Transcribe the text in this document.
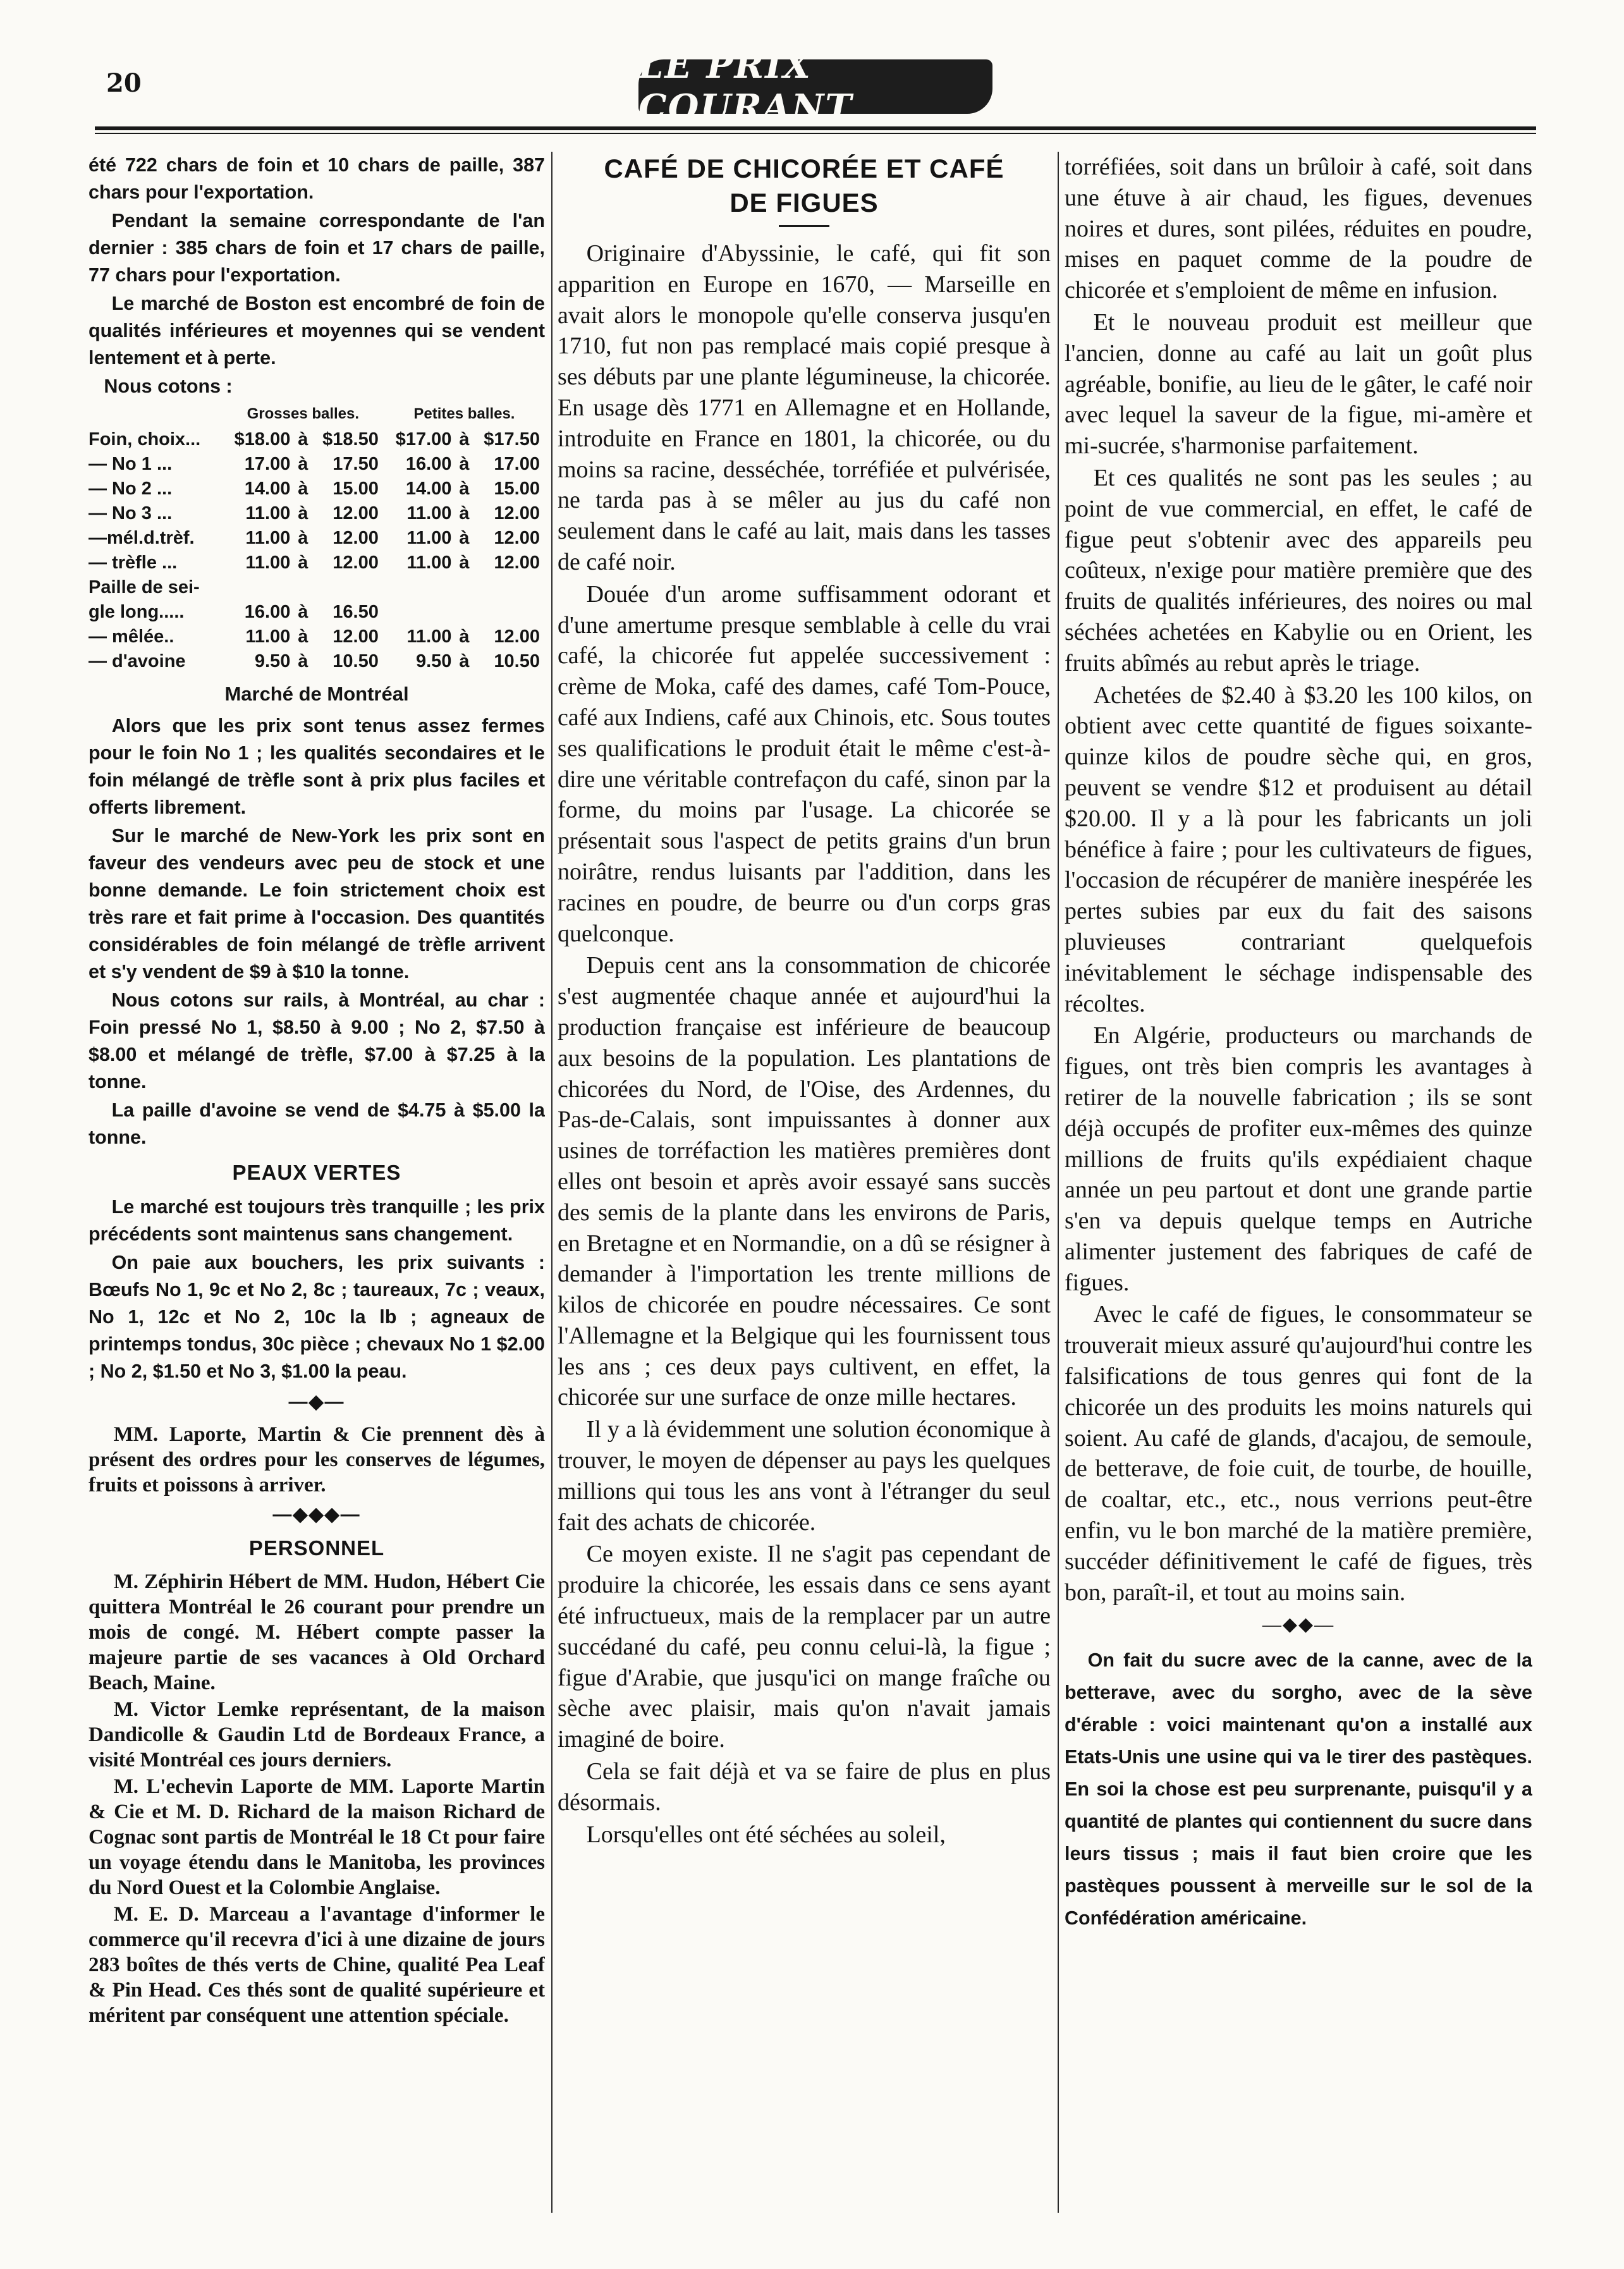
20	LE PRIX COURANT

été 722 chars de foin et 10 chars de paille, 387 chars pour l'exportation.

Pendant la semaine correspondante de l'an dernier : 385 chars de foin et 17 chars de paille, 77 chars pour l'exportation.

Le marché de Boston est encombré de foin de qualités inférieures et moyennes qui se vendent lentement et à perte.

Nous cotons :

	Grosses balles.			Petites balles.		
Foin, choix...	$18.00	à	$18.50	$17.00	à	$17.50
— No 1 ...	17.00	à	17.50	16.00	à	17.00
— No 2 ...	14.00	à	15.00	14.00	à	15.00
— No 3 ...	11.00	à	12.00	11.00	à	12.00
—mél.d.trèf.	11.00	à	12.00	11.00	à	12.00
— trèfle ...	11.00	à	12.00	11.00	à	12.00
Paille de sei-						
gle long.....	16.00	à	16.50			
— mêlée..	11.00	à	12.00	11.00	à	12.00
— d'avoine	9.50	à	10.50	9.50	à	10.50
Marché de Montréal

Alors que les prix sont tenus assez fermes pour le foin No 1 ; les qualités secondaires et le foin mélangé de trèfle sont à prix plus faciles et offerts librement.

Sur le marché de New-York les prix sont en faveur des vendeurs avec peu de stock et une bonne demande. Le foin strictement choix est très rare et fait prime à l'occasion. Des quantités considérables de foin mélangé de trèfle arrivent et s'y vendent de $9 à $10 la tonne.

Nous cotons sur rails, à Montréal, au char : Foin pressé No 1, $8.50 à 9.00 ; No 2, $7.50 à $8.00 et mélangé de trèfle, $7.00 à $7.25 à la tonne.

La paille d'avoine se vend de $4.75 à $5.00 la tonne.

PEAUX VERTES

Le marché est toujours très tranquille ; les prix précédents sont maintenus sans changement.

On paie aux bouchers, les prix suivants : Bœufs No 1, 9c et No 2, 8c ; taureaux, 7c ; veaux, No 1, 12c et No 2, 10c la lb ; agneaux de printemps tondus, 30c pièce ; chevaux No 1 $2.00 ; No 2, $1.50 et No 3, $1.00 la peau.

—◆—

MM. Laporte, Martin & Cie prennent dès à présent des ordres pour les conserves de légumes, fruits et poissons à arriver.

—◆◆◆—
PERSONNEL

M. Zéphirin Hébert de MM. Hudon, Hébert Cie quittera Montréal le 26 courant pour prendre un mois de congé. M. Hébert compte passer la majeure partie de ses vacances à Old Orchard Beach, Maine.

M. Victor Lemke représentant, de la maison Dandicolle & Gaudin Ltd de Bordeaux France, a visité Montréal ces jours derniers.

M. L'echevin Laporte de MM. Laporte Martin & Cie et M. D. Richard de la maison Richard de Cognac sont partis de Montréal le 18 Ct pour faire un voyage étendu dans le Manitoba, les provinces du Nord Ouest et la Colombie Anglaise.

M. E. D. Marceau a l'avantage d'informer le commerce qu'il recevra d'ici à une dizaine de jours 283 boîtes de thés verts de Chine, qualité Pea Leaf & Pin Head. Ces thés sont de qualité supérieure et méritent par conséquent une attention spéciale.

CAFÉ DE CHICORÉE ET CAFÉ
DE FIGUES

Originaire d'Abyssinie, le café, qui fit son apparition en Europe en 1670, — Marseille en avait alors le monopole qu'elle conserva jusqu'en 1710, fut non pas remplacé mais copié presque à ses débuts par une plante légumineuse, la chicorée. En usage dès 1771 en Allemagne et en Hollande, introduite en France en 1801, la chicorée, ou du moins sa racine, desséchée, torréfiée et pulvérisée, ne tarda pas à se mêler au jus du café non seulement dans le café au lait, mais dans les tasses de café noir.

Douée d'un arome suffisamment odorant et d'une amertume presque semblable à celle du vrai café, la chicorée fut appelée successivement : crème de Moka, café des dames, café Tom-Pouce, café aux Indiens, café aux Chinois, etc. Sous toutes ses qualifications le produit était le même c'est-à-dire une véritable contrefaçon du café, sinon par la forme, du moins par l'usage. La chicorée se présentait sous l'aspect de petits grains d'un brun noirâtre, rendus luisants par l'addition, dans les racines en poudre, de beurre ou d'un corps gras quelconque.

Depuis cent ans la consommation de chicorée s'est augmentée chaque année et aujourd'hui la production française est inférieure de beaucoup aux besoins de la population. Les plantations de chicorées du Nord, de l'Oise, des Ardennes, du Pas-de-Calais, sont impuissantes à donner aux usines de torréfaction les matières premières dont elles ont besoin et après avoir essayé sans succès des semis de la plante dans les environs de Paris, en Bretagne et en Normandie, on a dû se résigner à demander à l'importation les trente millions de kilos de chicorée en poudre nécessaires. Ce sont l'Allemagne et la Belgique qui les fournissent tous les ans ; ces deux pays cultivent, en effet, la chicorée sur une surface de onze mille hectares.

Il y a là évidemment une solution économique à trouver, le moyen de dépenser au pays les quelques millions qui tous les ans vont à l'étranger du seul fait des achats de chicorée.

Ce moyen existe. Il ne s'agit pas cependant de produire la chicorée, les essais dans ce sens ayant été infructueux, mais de la remplacer par un autre succédané du café, peu connu celui-là, la figue ; figue d'Arabie, que jusqu'ici on mange fraîche ou sèche avec plaisir, mais qu'on n'avait jamais imaginé de boire.

Cela se fait déjà et va se faire de plus en plus désormais.

Lorsqu'elles ont été séchées au soleil,

torréfiées, soit dans un brûloir à café, soit dans une étuve à air chaud, les figues, devenues noires et dures, sont pilées, réduites en poudre, mises en paquet comme de la poudre de chicorée et s'emploient de même en infusion.

Et le nouveau produit est meilleur que l'ancien, donne au café au lait un goût plus agréable, bonifie, au lieu de le gâter, le café noir avec lequel la saveur de la figue, mi-amère et mi-sucrée, s'harmonise parfaitement.

Et ces qualités ne sont pas les seules ; au point de vue commercial, en effet, le café de figue peut s'obtenir avec des appareils peu coûteux, n'exige pour matière première que des fruits de qualités inférieures, des noires ou mal séchées achetées en Kabylie ou en Orient, les fruits abîmés au rebut après le triage.

Achetées de $2.40 à $3.20 les 100 kilos, on obtient avec cette quantité de figues soixante-quinze kilos de poudre sèche qui, en gros, peuvent se vendre $12 et produisent au détail $20.00. Il y a là pour les fabricants un joli bénéfice à faire ; pour les cultivateurs de figues, l'occasion de récupérer de manière inespérée les pertes subies par eux du fait des saisons pluvieuses contrariant quelquefois inévitablement le séchage indispensable des récoltes.

En Algérie, producteurs ou marchands de figues, ont très bien compris les avantages à retirer de la nouvelle fabrication ; ils se sont déjà occupés de profiter eux-mêmes des quinze millions de fruits qu'ils expédiaient chaque année un peu partout et dont une grande partie s'en va depuis quelque temps en Autriche alimenter justement des fabriques de café de figues.

Avec le café de figues, le consommateur se trouverait mieux assuré qu'aujourd'hui contre les falsifications de tous genres qui font de la chicorée un des produits les moins naturels qui soient. Au café de glands, d'acajou, de semoule, de betterave, de foie cuit, de tourbe, de houille, de coaltar, etc., etc., nous verrions peut-être enfin, vu le bon marché de la matière première, succéder définitivement le café de figues, très bon, paraît-il, et tout au moins sain.

—◆◆—

On fait du sucre avec de la canne, avec de la betterave, avec du sorgho, avec de la sève d'érable : voici maintenant qu'on a installé aux Etats-Unis une usine qui va le tirer des pastèques. En soi la chose est peu surprenante, puisqu'il y a quantité de plantes qui contiennent du sucre dans leurs tissus ; mais il faut bien croire que les pastèques poussent à merveille sur le sol de la Confédération américaine.
